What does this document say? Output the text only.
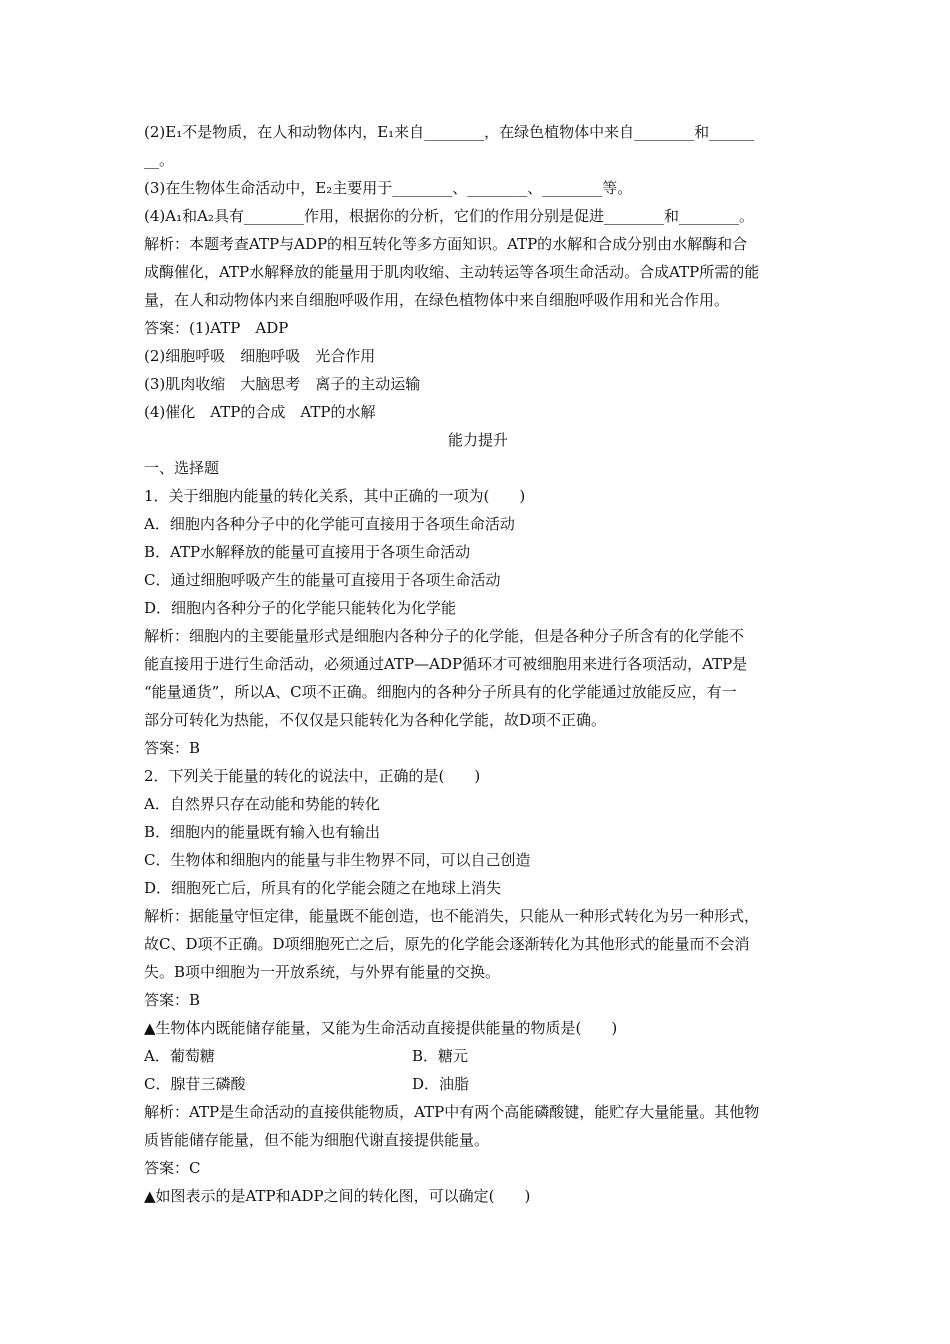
(2)E₁不是物质，在人和动物体内，E₁来自________，在绿色植物体中来自________和______
__。
(3)在生物体生命活动中，E₂主要用于________、________、________等。
(4)A₁和A₂具有________作用，根据你的分析，它们的作用分别是促进________和________。
解析：本题考查ATP与ADP的相互转化等多方面知识。ATP的水解和合成分别由水解酶和合
成酶催化，ATP水解释放的能量用于肌肉收缩、主动转运等各项生命活动。合成ATP所需的能
量，在人和动物体内来自细胞呼吸作用，在绿色植物体中来自细胞呼吸作用和光合作用。
答案：(1)ATP　ADP
(2)细胞呼吸　细胞呼吸　光合作用
(3)肌肉收缩　大脑思考　离子的主动运输
(4)催化　ATP的合成　ATP的水解
能力提升
一、选择题
1．关于细胞内能量的转化关系，其中正确的一项为(　　)
A．细胞内各种分子中的化学能可直接用于各项生命活动
B．ATP水解释放的能量可直接用于各项生命活动
C．通过细胞呼吸产生的能量可直接用于各项生命活动
D．细胞内各种分子的化学能只能转化为化学能
解析：细胞内的主要能量形式是细胞内各种分子的化学能，但是各种分子所含有的化学能不
能直接用于进行生命活动，必须通过ATP—ADP循环才可被细胞用来进行各项活动，ATP是
“能量通货”，所以A、C项不正确。细胞内的各种分子所具有的化学能通过放能反应，有一
部分可转化为热能，不仅仅是只能转化为各种化学能，故D项不正确。
答案：B
2．下列关于能量的转化的说法中，正确的是(　　)
A．自然界只存在动能和势能的转化
B．细胞内的能量既有输入也有输出
C．生物体和细胞内的能量与非生物界不同，可以自己创造
D．细胞死亡后，所具有的化学能会随之在地球上消失
解析：据能量守恒定律，能量既不能创造，也不能消失，只能从一种形式转化为另一种形式，
故C、D项不正确。D项细胞死亡之后，原先的化学能会逐渐转化为其他形式的能量而不会消
失。B项中细胞为一开放系统，与外界有能量的交换。
答案：B
▲生物体内既能储存能量，又能为生命活动直接提供能量的物质是(　　)
A．葡萄糖	B．糖元
C．腺苷三磷酸	D．油脂
解析：ATP是生命活动的直接供能物质，ATP中有两个高能磷酸键，能贮存大量能量。其他物
质皆能储存能量，但不能为细胞代谢直接提供能量。
答案：C
▲如图表示的是ATP和ADP之间的转化图，可以确定(　　)
